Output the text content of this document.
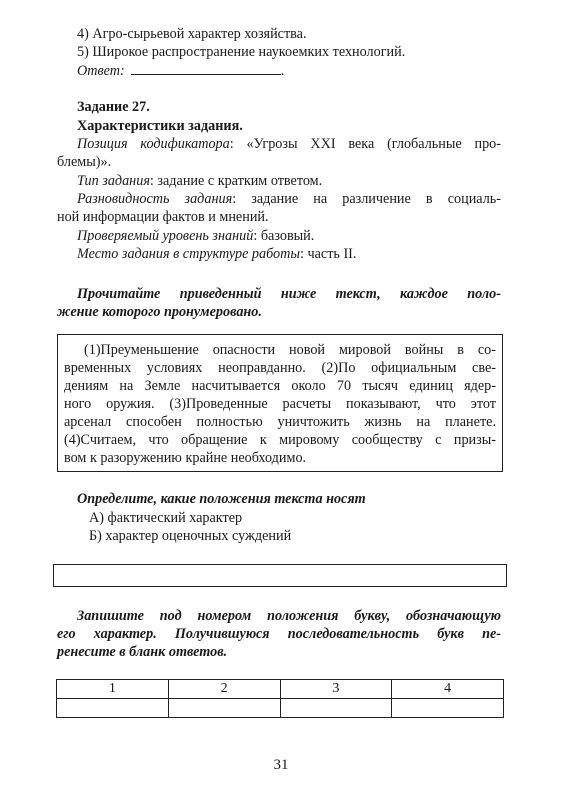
4) Агро-сырьевой характер хозяйства.
5) Широкое распространение наукоемких технологий.
Ответ:	.
Задание 27.
Характеристики задания.
Позиция кодификатора: «Угрозы XXI века (глобальные про-
блемы)».
Тип задания: задание с кратким ответом.
Разновидность задания: задание на различение в социаль-
ной информации фактов и мнений.
Проверяемый уровень знаний: базовый.
Место задания в структуре работы: часть II.
Прочитайте приведенный ниже текст, каждое поло-
жение которого пронумеровано.
(1)Преуменьшение опасности новой мировой войны в со-
временных условиях неоправданно. (2)По официальным све-
дениям на Земле насчитывается около 70 тысяч единиц ядер-
ного оружия. (3)Проведенные расчеты показывают, что этот
арсенал способен полностью уничтожить жизнь на планете.
(4)Считаем, что обращение к мировому сообществу с призы-
вом к разоружению крайне необходимо.
Определите, какие положения текста носят
А) фактический характер
Б) характер оценочных суждений
Запишите под номером положения букву, обозначающую
его характер. Получившуюся последовательность букв пе-
ренесите в бланк ответов.
1	2	3	4

31
